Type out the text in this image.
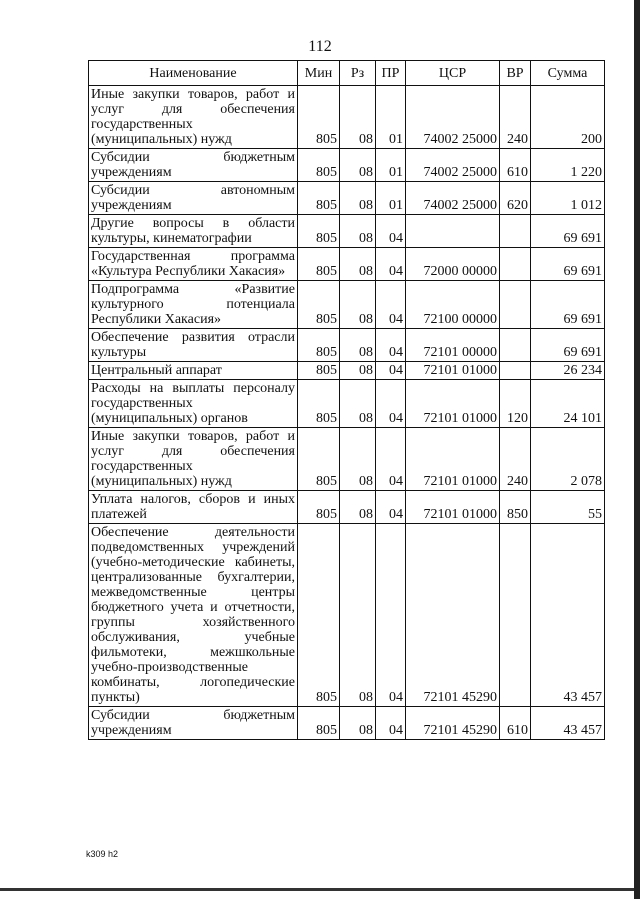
112
Наименование	Мин	Рз	ПР	ЦСР	ВР	Сумма
Иные закупки товаров, работ и услуг для обеспечения государственных (муниципальных) нужд	805	08	01	74002 25000	240	200
Субсидии бюджетным учреждениям	805	08	01	74002 25000	610	1 220
Субсидии автономным учреждениям	805	08	01	74002 25000	620	1 012
Другие вопросы в области культуры, кинематографии	805	08	04			69 691
Государственная программа «Культура Республики Хакасия»	805	08	04	72000 00000		69 691
Подпрограмма «Развитие культурного потенциала Республики Хакасия»	805	08	04	72100 00000		69 691
Обеспечение развития отрасли культуры	805	08	04	72101 00000		69 691
Центральный аппарат	805	08	04	72101 01000		26 234
Расходы на выплаты персоналу государственных (муниципальных) органов	805	08	04	72101 01000	120	24 101
Иные закупки товаров, работ и услуг для обеспечения государственных (муниципальных) нужд	805	08	04	72101 01000	240	2 078
Уплата налогов, сборов и иных платежей	805	08	04	72101 01000	850	55
Обеспечение деятельности подведомственных учреждений (учебно-методические кабинеты, централизованные бухгалтерии, межведомственные центры бюджетного учета и отчетности, группы хозяйственного обслуживания, учебные фильмотеки, межшкольные учебно-производственные комбинаты, логопедические пункты)	805	08	04	72101 45290		43 457
Субсидии бюджетным учреждениям	805	08	04	72101 45290	610	43 457
k309 h2
